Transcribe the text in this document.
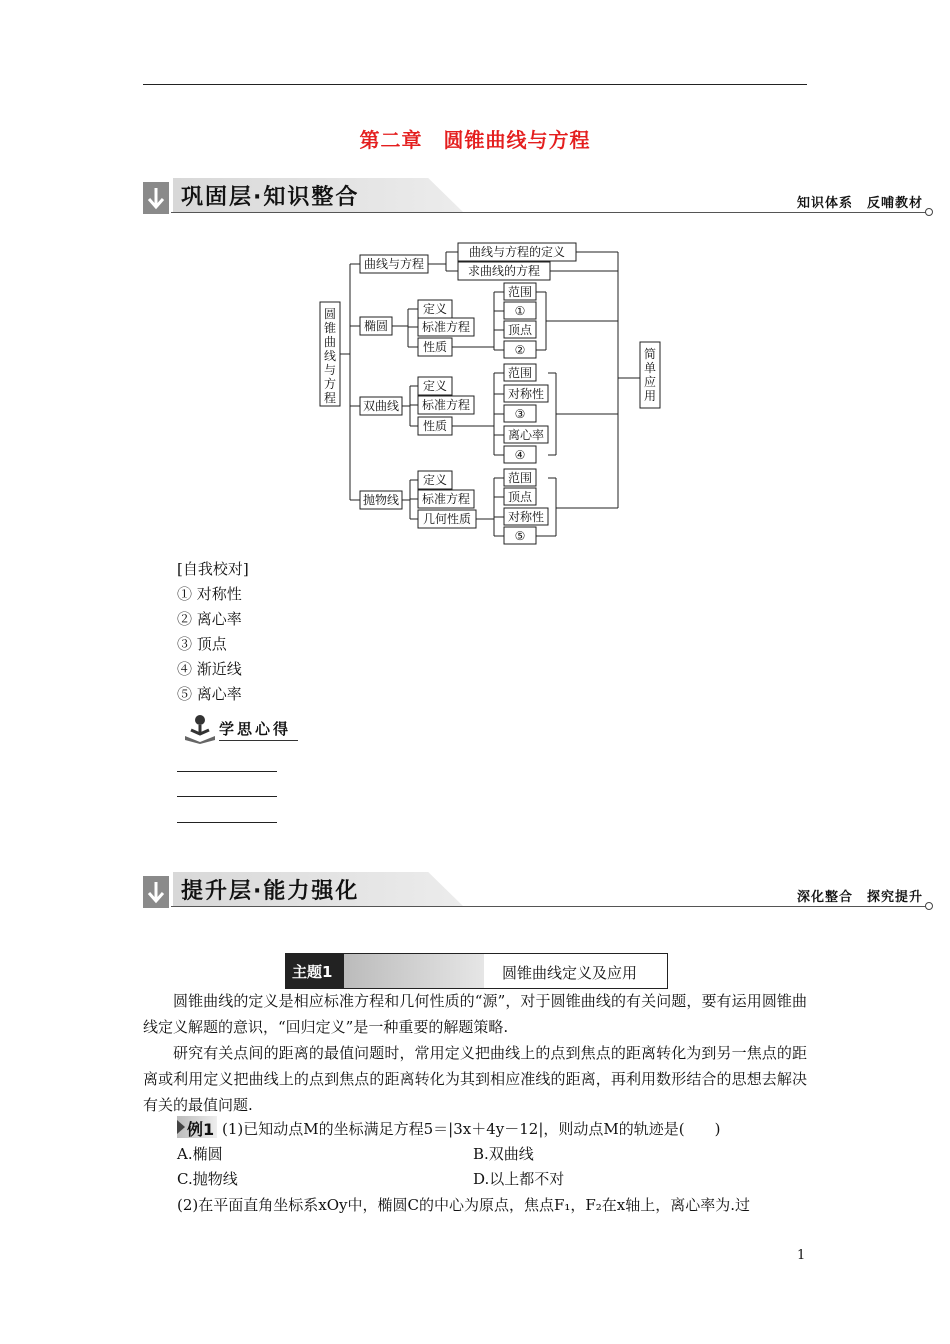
第二章　圆锥曲线与方程
巩固层·知识整合	知识体系　反哺教材
圆锥曲线与方程
曲线与方程
椭圆
双曲线
抛物线
曲线与方程的定义
求曲线的方程
定义
标准方程
性质
范围
①
顶点
②
定义
标准方程
性质
范围
对称性
③
离心率
④
定义
标准方程
几何性质
范围
顶点
对称性
⑤
简单应用
[自我校对]
① 对称性
② 离心率
③ 顶点
④ 渐近线
⑤ 离心率
学思心得
提升层·能力强化	深化整合　探究提升
主题1	圆锥曲线定义及应用
圆锥曲线的定义是相应标准方程和几何性质的“源”，对于圆锥曲线的有关问题，要有运用圆锥曲线定义解题的意识，“回归定义”是一种重要的解题策略.
研究有关点间的距离的最值问题时，常用定义把曲线上的点到焦点的距离转化为到另一焦点的距离或利用定义把曲线上的点到焦点的距离转化为其到相应准线的距离，再利用数形结合的思想去解决有关的最值问题.
例1 (1)已知动点M的坐标满足方程5＝|3x＋4y－12|，则动点M的轨迹是(　　)
A.椭圆	B.双曲线
C.抛物线	D.以上都不对
(2)在平面直角坐标系xOy中，椭圆C的中心为原点，焦点F₁，F₂在x轴上，离心率为.过
1
